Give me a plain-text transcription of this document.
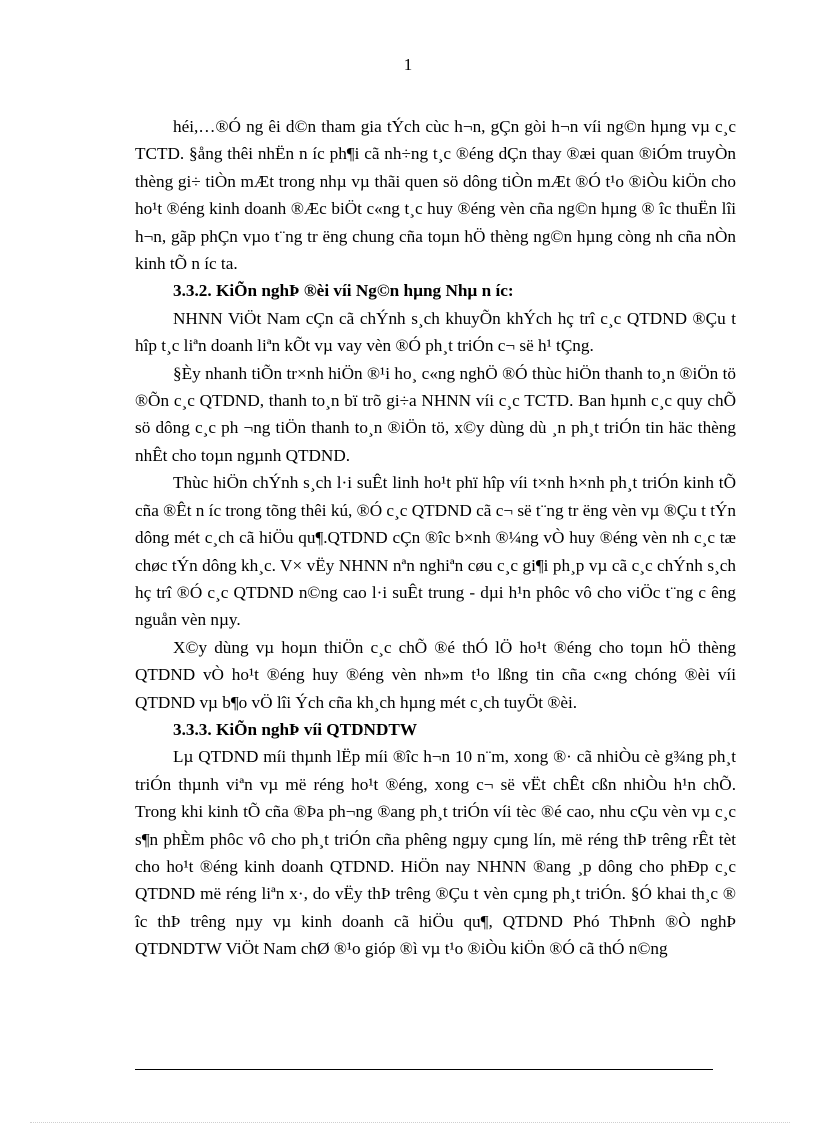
1

héi,…®Ó ng êi d©n tham gia tÝch cùc h¬n, gÇn gòi h¬n víi ng©n hµng vµ c¸c TCTD. §ång thêi nhËn n íc ph¶i cã nh÷ng t¸c ®éng dÇn thay ®æi quan ®iÓm truyÒn thèng gi÷ tiÒn mÆt trong nhµ vµ thãi quen sö dông tiÒn mÆt ®Ó t¹o ®iÒu kiÖn cho ho¹t ®éng kinh doanh ®Æc biÖt c«ng t¸c huy ®éng vèn cña ng©n hµng ® îc thuËn lîi h¬n, gãp phÇn vµo t¨ng tr ëng chung cña toµn hÖ thèng ng©n hµng còng nh cña nÒn kinh tÕ n íc ta.

3.3.2. KiÕn nghÞ ®èi víi Ng©n hµng Nhµ n íc:

NHNN ViÖt Nam cÇn cã chÝnh s¸ch khuyÕn khÝch hç trî c¸c QTDND ®Çu t hîp t¸c liªn doanh liªn kÕt vµ vay vèn ®Ó ph¸t triÓn c¬ së h¹ tÇng.

§Èy nhanh tiÕn tr×nh hiÖn ®¹i ho¸ c«ng nghÖ ®Ó thùc hiÖn thanh to¸n ®iÖn tö ®Õn c¸c QTDND, thanh to¸n bï trõ gi÷a NHNN víi c¸c TCTD. Ban hµnh c¸c quy chÕ sö dông c¸c ph ¬ng tiÖn thanh to¸n ®iÖn tö, x©y dùng dù ¸n ph¸t triÓn tin häc thèng nhÊt cho toµn ngµnh QTDND.

Thùc hiÖn chÝnh s¸ch l·i suÊt linh ho¹t phï hîp víi t×nh h×nh ph¸t triÓn kinh tÕ cña ®Êt n íc trong tõng thêi kú, ®Ó c¸c QTDND cã c¬ së t¨ng tr ëng vèn vµ ®Çu t tÝn dông mét c¸ch cã hiÖu qu¶.QTDND cÇn ®îc b×nh ®¼ng vÒ huy ®éng vèn nh c¸c tæ chøc tÝn dông kh¸c. V× vËy NHNN nªn nghiªn cøu c¸c gi¶i ph¸p vµ cã c¸c chÝnh s¸ch hç trî ®Ó c¸c QTDND n©ng cao l·i suÊt trung - dµi h¹n phôc vô cho viÖc t¨ng c êng nguån vèn nµy.

X©y dùng vµ hoµn thiÖn c¸c chÕ ®é thÓ lÖ ho¹t ®éng cho toµn hÖ thèng QTDND vÒ ho¹t ®éng huy ®éng vèn nh»m t¹o lßng tin cña c«ng chóng ®èi víi QTDND vµ b¶o vÖ lîi Ých cña kh¸ch hµng mét c¸ch tuyÖt ®èi.

3.3.3. KiÕn nghÞ víi QTDNDTW

Lµ QTDND míi thµnh lËp míi ®îc h¬n 10 n¨m, xong ®· cã nhiÒu cè g¾ng ph¸t triÓn thµnh viªn vµ më réng ho¹t ®éng, xong c¬ së vËt chÊt cßn nhiÒu h¹n chÕ. Trong khi kinh tÕ cña ®Þa ph¬ng ®ang ph¸t triÓn víi tèc ®é cao, nhu cÇu vèn vµ c¸c s¶n phÈm phôc vô cho ph¸t triÓn cña phêng ngµy cµng lín, më réng thÞ trêng rÊt tèt cho ho¹t ®éng kinh doanh QTDND. HiÖn nay NHNN ®ang ¸p dông cho phÐp c¸c QTDND më réng liªn x·, do vËy thÞ trêng ®Çu t vèn cµng ph¸t triÓn. §Ó khai th¸c ® îc thÞ trêng nµy vµ kinh doanh cã hiÖu qu¶, QTDND Phó ThÞnh ®Ò nghÞ QTDNDTW ViÖt Nam chØ ®¹o gióp ®ì vµ t¹o ®iÒu kiÖn ®Ó cã thÓ n©ng
